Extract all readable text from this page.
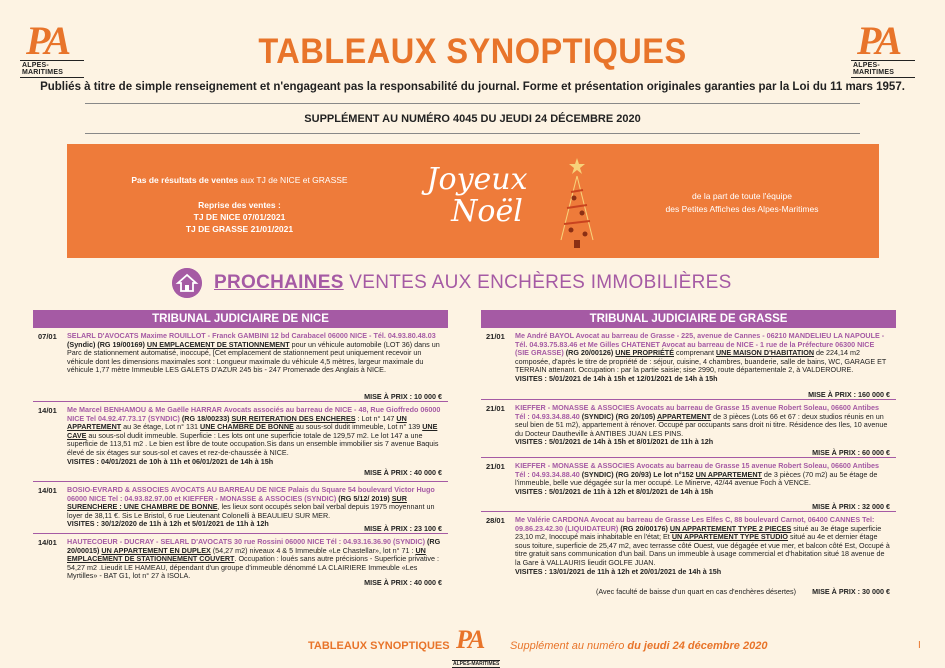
PA
ALPES-MARITIMES
PA
ALPES-MARITIMES
TABLEAUX SYNOPTIQUES
Publiés à titre de simple renseignement et n'engageant pas la responsabilité du journal. Forme et présentation originales garanties par la Loi du 11 mars 1957.
SUPPLÉMENT AU NUMÉRO 4045 DU JEUDI 24 DÉCEMBRE 2020
Pas de résultats de ventes aux TJ de NICE et GRASSE
Reprise des ventes :
TJ DE NICE 07/01/2021
TJ DE GRASSE 21/01/2021
Joyeux
Noël	de la part de toute l'équipe
des Petites Affiches des Alpes-Maritimes
PROCHAINES VENTES AUX ENCHÈRES IMMOBILIÈRES
TRIBUNAL JUDICIAIRE DE NICE
07/01 SELARL D'AVOCATS Maxime ROUILLOT - Franck GAMBINI 12 bd Carabacel 06000 NICE - Tél. 04.93.80.48.03 (Syndic) (RG 19/00169) UN EMPLACEMENT DE STATIONNEMENT pour un véhicule automobile (LOT 36) dans un Parc de stationnement automatisé, inoccupé, [Cet emplacement de stationnement peut uniquement recevoir un véhicule dont les dimensions maximales sont : Longueur maximale du véhicule 4,5 mètres, largeur maximale du véhicule 1,77 mètre Immeuble LES GALETS D'AZUR 245 bis - 247 Promenade des Anglais à NICE.
MISE À PRIX : 10 000 €
14/01 Me Marcel BENHAMOU & Me Gaëlle HARRAR Avocats associés au barreau de NICE - 48, Rue Gioffredo 06000 NICE Tel 04.92.47.73.17 (SYNDIC) (RG 18/00233) SUR REITERATION DES ENCHERES : Lot n° 147 UN APPARTEMENT au 3e étage, Lot n° 131 UNE CHAMBRE DE BONNE au sous-sol dudit immeuble, Lot n° 139 UNE CAVE au sous-sol dudit immeuble. Superficie : Les lots ont une superficie totale de 129,57 m2. Le lot 147 a une superficie de 113,51 m2 . Le bien est libre de toute occupation.Sis dans un ensemble immobilier sis 7 avenue Baquis élevé de six étages sur sous-sol et caves et rez-de-chaussée à NICE.
VISITES : 04/01/2021 de 10h à 11h et 06/01/2021 de 14h à 15h
MISE À PRIX : 40 000 €
14/01 BOSIO-EVRARD & ASSOCIES AVOCATS AU BARREAU DE NICE Palais du Square 54 boulevard Victor Hugo 06000 NICE Tel : 04.93.82.97.00 et KIEFFER - MONASSE & ASSOCIES (SYNDIC) (RG 5/12/ 2019) SUR SURENCHERE : UNE CHAMBRE DE BONNE, les lieux sont occupés selon bail verbal depuis 1975 moyennant un loyer de 38,11 €. Sis Le Bristol, 6 rue Lieutenant Colonelli à BEAULIEU SUR MER.
VISITES : 30/12/2020 de 11h à 12h et 5/01/2021 de 11h à 12h
MISE À PRIX : 23 100 €
14/01 HAUTECOEUR - DUCRAY - SELARL D'AVOCATS 30 rue Rossini 06000 NICE Tél : 04.93.16.36.90 (SYNDIC) (RG 20/00015) UN APPARTEMENT EN DUPLEX (54,27 m2) niveaux 4 & 5 Immeuble «Le Chastellar», lot n° 71 : UN EMPLACEMENT DE STATIONNEMENT COUVERT. Occupation : loués sans autre précisions - Superficie privative : 54,27 m2 .Lieudit LE HAMEAU, dépendant d'un groupe d'immeuble dénommé LA CLAIRIERE Immeuble «Les Myrtilles» - BAT G1, lot n° 27 à ISOLA.
MISE À PRIX : 40 000 €
TRIBUNAL JUDICIAIRE DE GRASSE
21/01 Me André BAYOL Avocat au barreau de Grasse - 225, avenue de Cannes - 06210 MANDELIEU LA NAPOULE - Tél. 04.93.75.83.46 et Me Gilles CHATENET Avocat au barreau de NICE - 1 rue de la Préfecture 06300 NICE (SIE GRASSE) (RG 20/00126) UNE PROPRIÉTÉ comprenant UNE MAISON D'HABITATION de 224,14 m2 composée, d'après le titre de propriété de : séjour, cuisine, 4 chambres, buanderie, salle de bains, WC, GARAGE ET TERRAIN attenant. Occupation : par la partie saisie; sise 2990, route départementale 2, à VALDEROURE.
VISITES : 5/01/2021 de 14h à 15h et 12/01/2021 de 14h à 15h
MISE À PRIX : 160 000 €
21/01 KIEFFER - MONASSE & ASSOCIES Avocats au barreau de Grasse 15 avenue Robert Soleau, 06600 Antibes Tél : 04.93.34.88.40 (SYNDIC) (RG 20/105) APPARTEMENT de 3 pièces (Lots 66 et 67 : deux studios réunis en un seul bien de 51 m2), appartement à rénover. Occupé par occupants sans droit ni titre. Résidence des Iles, 10 avenue du Docteur Dautheville à ANTIBES JUAN LES PINS.
VISITES : 5/01/2021 de 14h à 15h et 8/01/2021 de 11h à 12h
MISE À PRIX : 60 000 €
21/01 KIEFFER - MONASSE & ASSOCIES Avocats au barreau de Grasse 15 avenue Robert Soleau, 06600 Antibes Tél : 04.93.34.88.40 (SYNDIC) (RG 20/93) Le lot n°152 UN APPARTEMENT de 3 pièces (70 m2) au 5e étage de l'immeuble, belle vue dégagée sur la mer occupé. Le Minerve, 42/44 avenue Foch à VENCE.
VISITES : 5/01/2021 de 11h à 12h et 8/01/2021 de 14h à 15h
MISE À PRIX : 32 000 €
28/01 Me Valérie CARDONA Avocat au barreau de Grasse Les Elfes C, 88 boulevard Carnot, 06400 CANNES Tel: 09.86.23.42.30 (LIQUIDATEUR) (RG 20/00176) UN APPARTEMENT TYPE 2 PIECES situé au 3e étage superficie 23,10 m2, Inoccupé mais inhabitable en l'état; Et UN APPARTEMENT TYPE STUDIO situé au 4e et dernier étage sous toiture, superficie de 25,47 m2, avec terrasse côté Ouest, vue dégagée et vue mer, et balcon côté Est, Occupé à titre gratuit sans communication d'un bail. Dans un immeuble à usage commercial et d'habitation situé 18 avenue de la Gare à VALLAURIS lieudit GOLFE JUAN.
VISITES : 13/01/2021 de 11h à 12h et 20/01/2021 de 14h à 15h
(Avec faculté de baisse d'un quart en cas d'enchères désertes) MISE À PRIX : 30 000 €
TABLEAUX SYNOPTIQUES PA
ALPES-MARITIMES
Supplément au numéro du jeudi 24 décembre 2020	I
